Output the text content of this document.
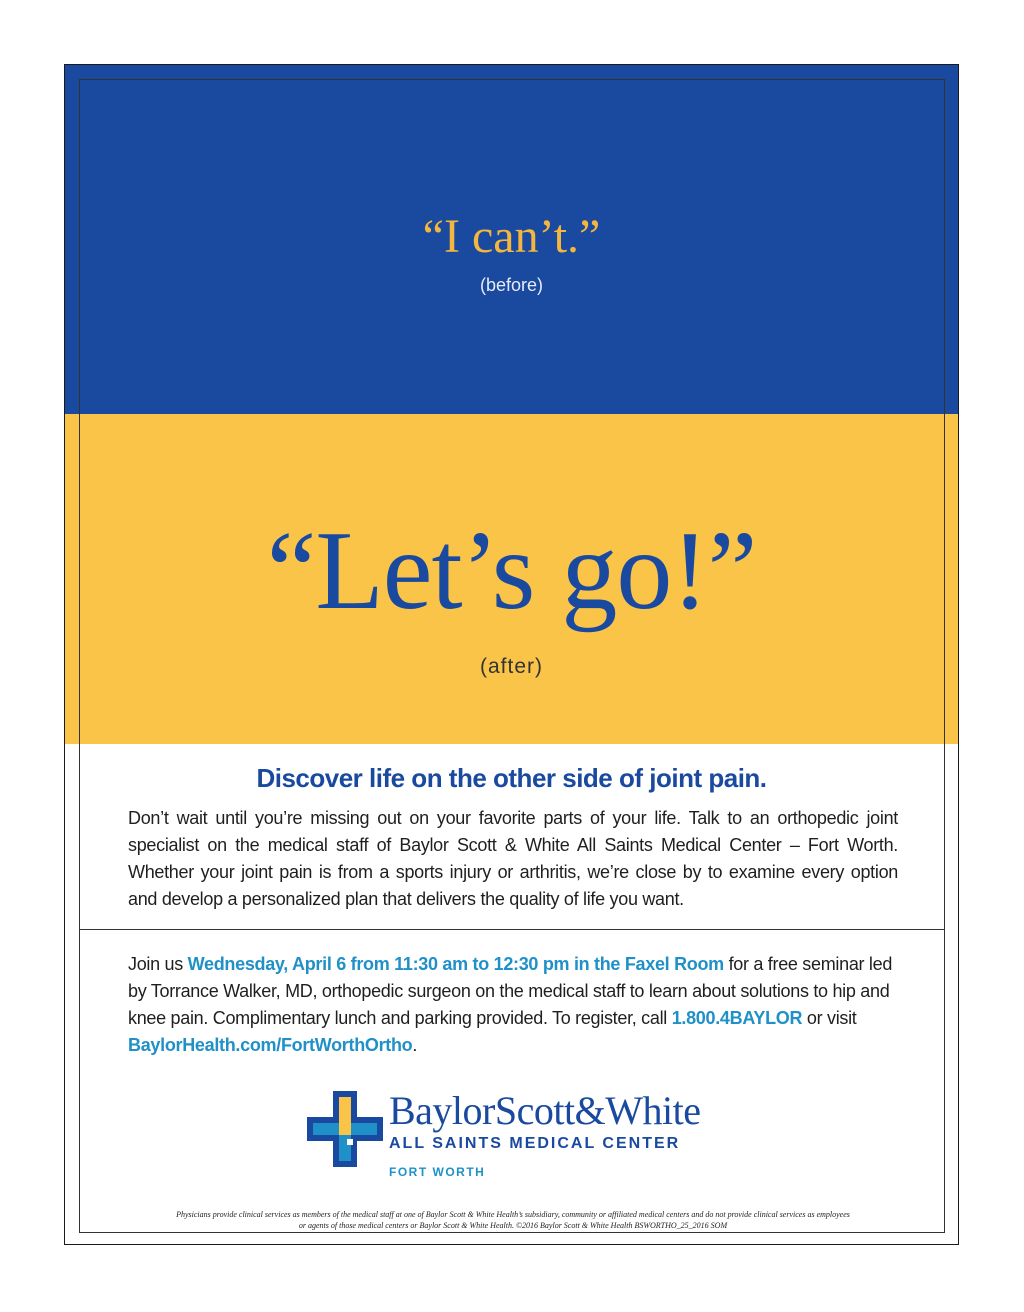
“I can’t.”
(before)
“Let’s go!”
(after)
Discover life on the other side of joint pain.
Don’t wait until you’re missing out on your favorite parts of your life. Talk to an orthopedic joint specialist on the medical staff of Baylor Scott & White All Saints Medical Center – Fort Worth. Whether your joint pain is from a sports injury or arthritis, we’re close by to examine every option and develop a personalized plan that delivers the quality of life you want.
Join us Wednesday, April 6 from 11:30 am to 12:30 pm in the Faxel Room for a free seminar led by Torrance Walker, MD, orthopedic surgeon on the medical staff to learn about solutions to hip and knee pain. Complimentary lunch and parking provided. To register, call 1.800.4BAYLOR or visit BaylorHealth.com/FortWorthOrtho.
BaylorScott&White
ALL SAINTS MEDICAL CENTER
FORT WORTH
Physicians provide clinical services as members of the medical staff at one of Baylor Scott & White Health’s subsidiary, community or affiliated medical centers and do not provide clinical services as employees or agents of those medical centers or Baylor Scott & White Health. ©2016 Baylor Scott & White Health BSWORTHO_25_2016 SOM
